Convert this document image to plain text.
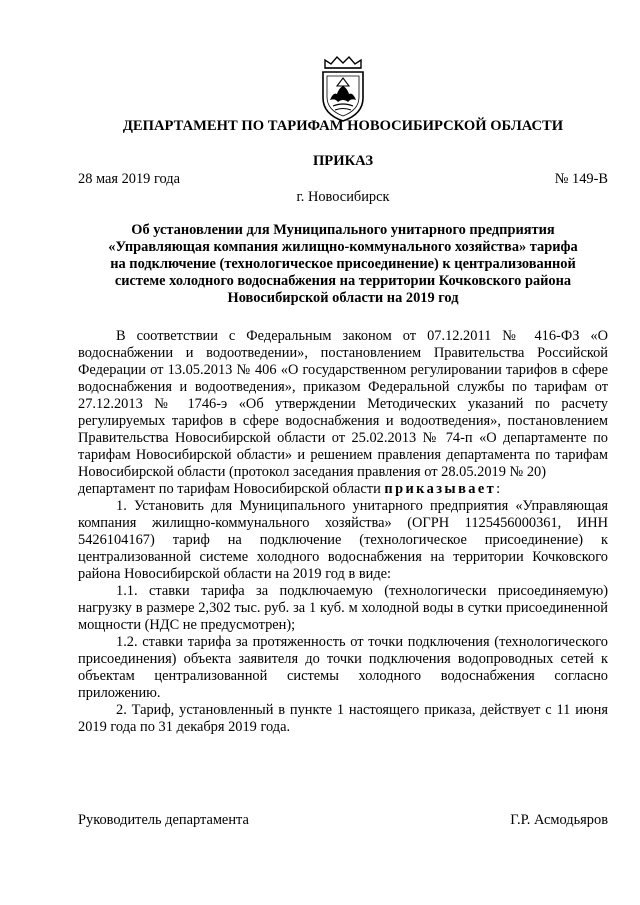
ДЕПАРТАМЕНТ ПО ТАРИФАМ НОВОСИБИРСКОЙ ОБЛАСТИ
ПРИКАЗ
28 мая 2019 года	№ 149-В
г. Новосибирск
Об установлении для Муниципального унитарного предприятия
«Управляющая компания жилищно-коммунального хозяйства» тарифа
на подключение (технологическое присоединение) к централизованной
системе холодного водоснабжения на территории Кочковского района
Новосибирской области на 2019 год
В соответствии с Федеральным законом от 07.12.2011 № 416-ФЗ «О водоснабжении и водоотведении», постановлением Правительства Российской Федерации от 13.05.2013 № 406 «О государственном регулировании тарифов в сфере водоснабжения и водоотведения», приказом Федеральной службы по тарифам от 27.12.2013 № 1746-э «Об утверждении Методических указаний по расчету регулируемых тарифов в сфере водоснабжения и водоотведения», постановлением Правительства Новосибирской области от 25.02.2013 № 74-п «О департаменте по тарифам Новосибирской области» и решением правления департамента по тарифам Новосибирской области (протокол заседания правления от 28.05.2019 № 20)
департамент по тарифам Новосибирской области приказывает:
1. Установить для Муниципального унитарного предприятия «Управляющая компания жилищно-коммунального хозяйства» (ОГРН 1125456000361, ИНН 5426104167) тариф на подключение (технологическое присоединение) к централизованной системе холодного водоснабжения на территории Кочковского района Новосибирской области на 2019 год в виде:
1.1. ставки тарифа за подключаемую (технологически присоединяемую) нагрузку в размере 2,302 тыс. руб. за 1 куб. м холодной воды в сутки присоединенной мощности (НДС не предусмотрен);
1.2. ставки тарифа за протяженность от точки подключения (технологического присоединения) объекта заявителя до точки подключения водопроводных сетей к объектам централизованной системы холодного водоснабжения согласно приложению.
2. Тариф, установленный в пункте 1 настоящего приказа, действует с 11 июня 2019 года по 31 декабря 2019 года.
Руководитель департамента	Г.Р. Асмодьяров
